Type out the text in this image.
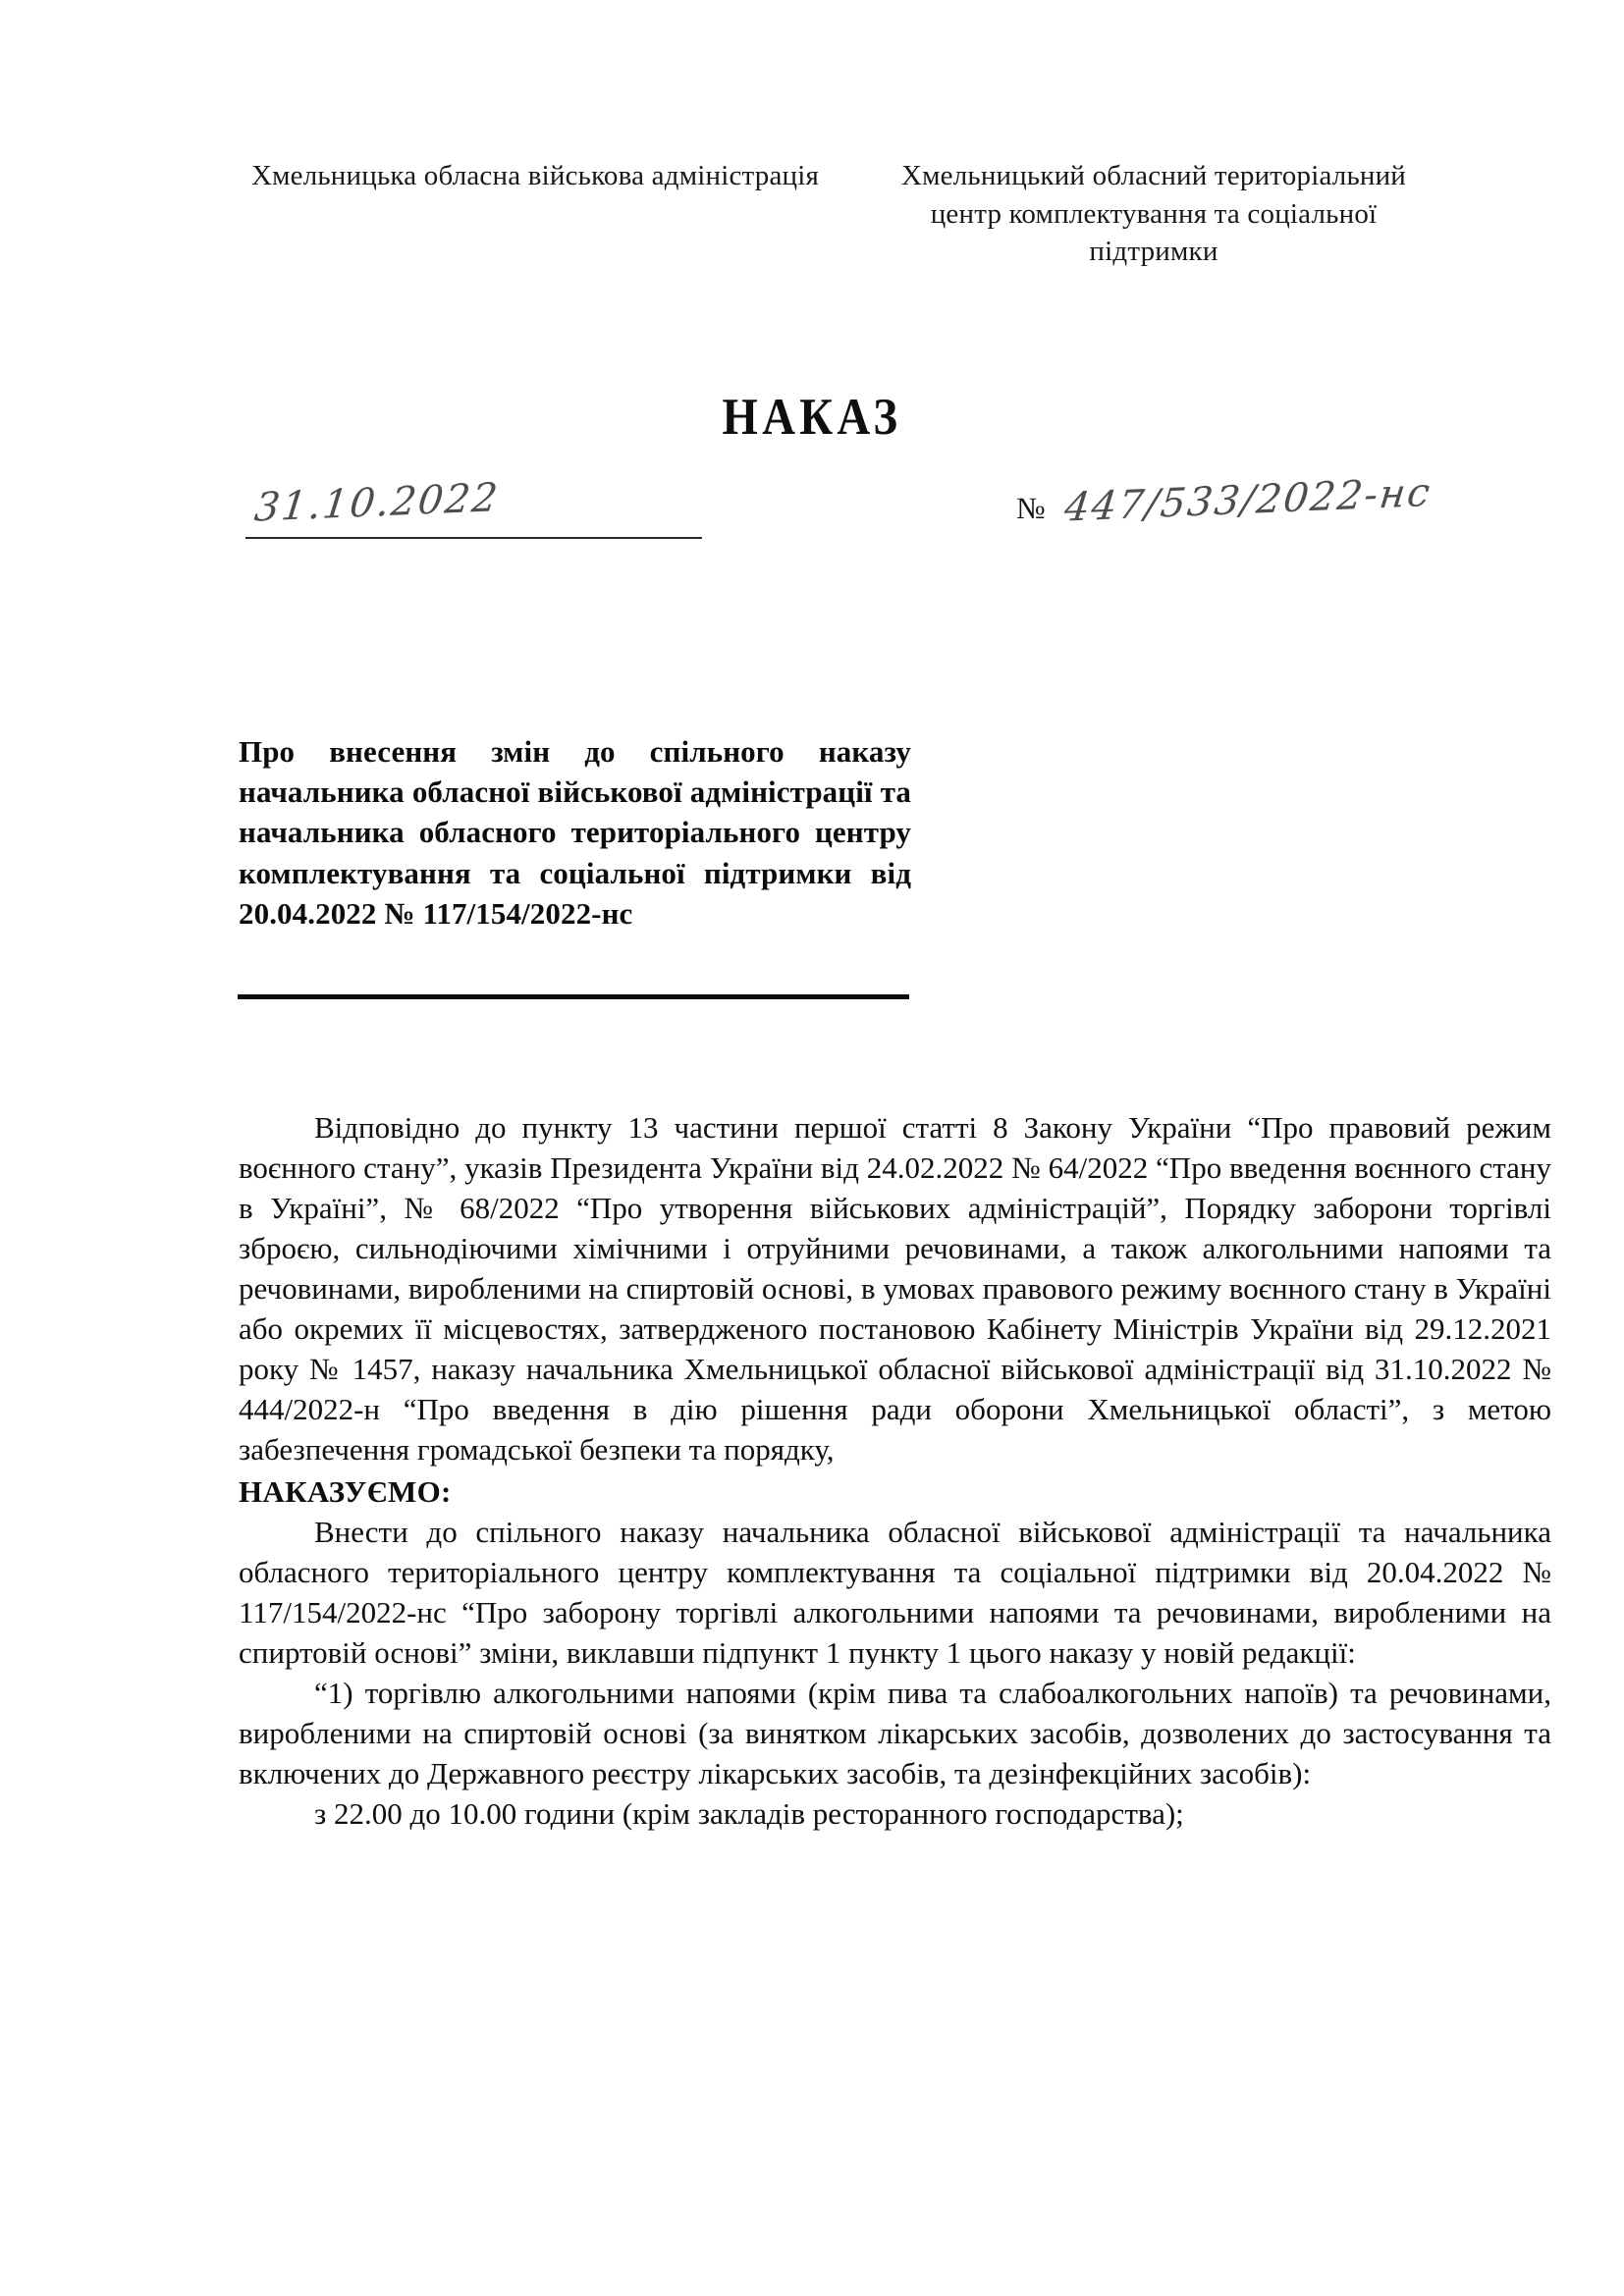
Хмельницька обласна військова адміністрація	Хмельницький обласний територіальний центр комплектування та соціальної підтримки
НАКАЗ
31.10.2022	№ 447/533/2022-нс
Про внесення змін до спільного наказу начальника обласної військової адміністрації та начальника обласного територіального центру комплектування та соціальної підтримки від 20.04.2022 № 117/154/2022-нс

Відповідно до пункту 13 частини першої статті 8 Закону України “Про правовий режим воєнного стану”, указів Президента України від 24.02.2022 № 64/2022 “Про введення воєнного стану в Україні”, № 68/2022 “Про утворення військових адміністрацій”, Порядку заборони торгівлі зброєю, сильнодіючими хімічними і отруйними речовинами, а також алкогольними напоями та речовинами, виробленими на спиртовій основі, в умовах правового режиму воєнного стану в Україні або окремих її місцевостях, затвердженого постановою Кабінету Міністрів України від 29.12.2021 року № 1457, наказу начальника Хмельницької обласної військової адміністрації від 31.10.2022 № 444/2022-н “Про введення в дію рішення ради оборони Хмельницької області”, з метою забезпечення громадської безпеки та порядку,

НАКАЗУЄМО:

Внести до спільного наказу начальника обласної військової адміністрації та начальника обласного територіального центру комплектування та соціальної підтримки від 20.04.2022 № 117/154/2022-нс “Про заборону торгівлі алкогольними напоями та речовинами, виробленими на спиртовій основі” зміни, виклавши підпункт 1 пункту 1 цього наказу у новій редакції:

“1) торгівлю алкогольними напоями (крім пива та слабоалкогольних напоїв) та речовинами, виробленими на спиртовій основі (за винятком лікарських засобів, дозволених до застосування та включених до Державного реєстру лікарських засобів, та дезінфекційних засобів):

з 22.00 до 10.00 години (крім закладів ресторанного господарства);
